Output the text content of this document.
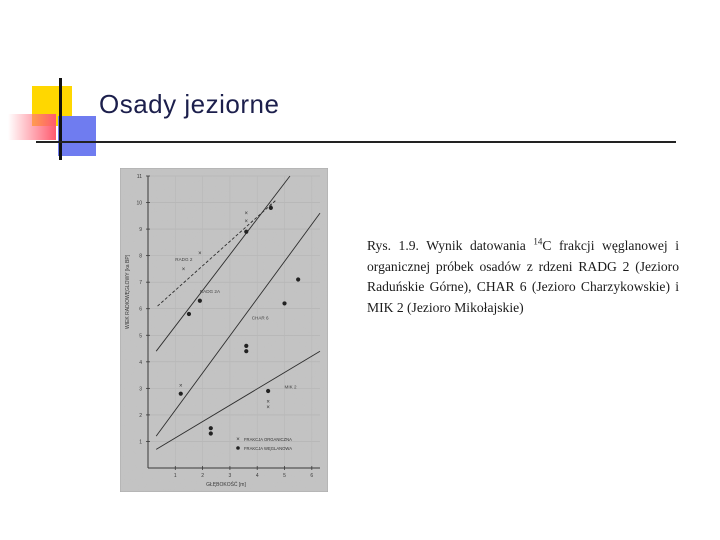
Osady jeziorne
1
2
3
4
5
6
7
8
9
10
11
1	2	3	4	5	6
GŁĘBOKOŚĆ [m]
WIEK RADIOWĘGLOWY [ka BP]	×
×
×
×
×
×
×
RADG 2
RADG 2A
CHAR 6
MIK 2
× FRAKCJA ORGANICZNA
FRAKCJA WĘGLANOWA
Rys. 1.9. Wynik datowania $^{14}$C frakcji węglanowej i organicznej próbek osadów z rdzeni RADG 2 (Jezioro Raduńskie Górne), CHAR 6 (Jezioro Charzykowskie) i MIK 2 (Jezioro Mikołajskie)
